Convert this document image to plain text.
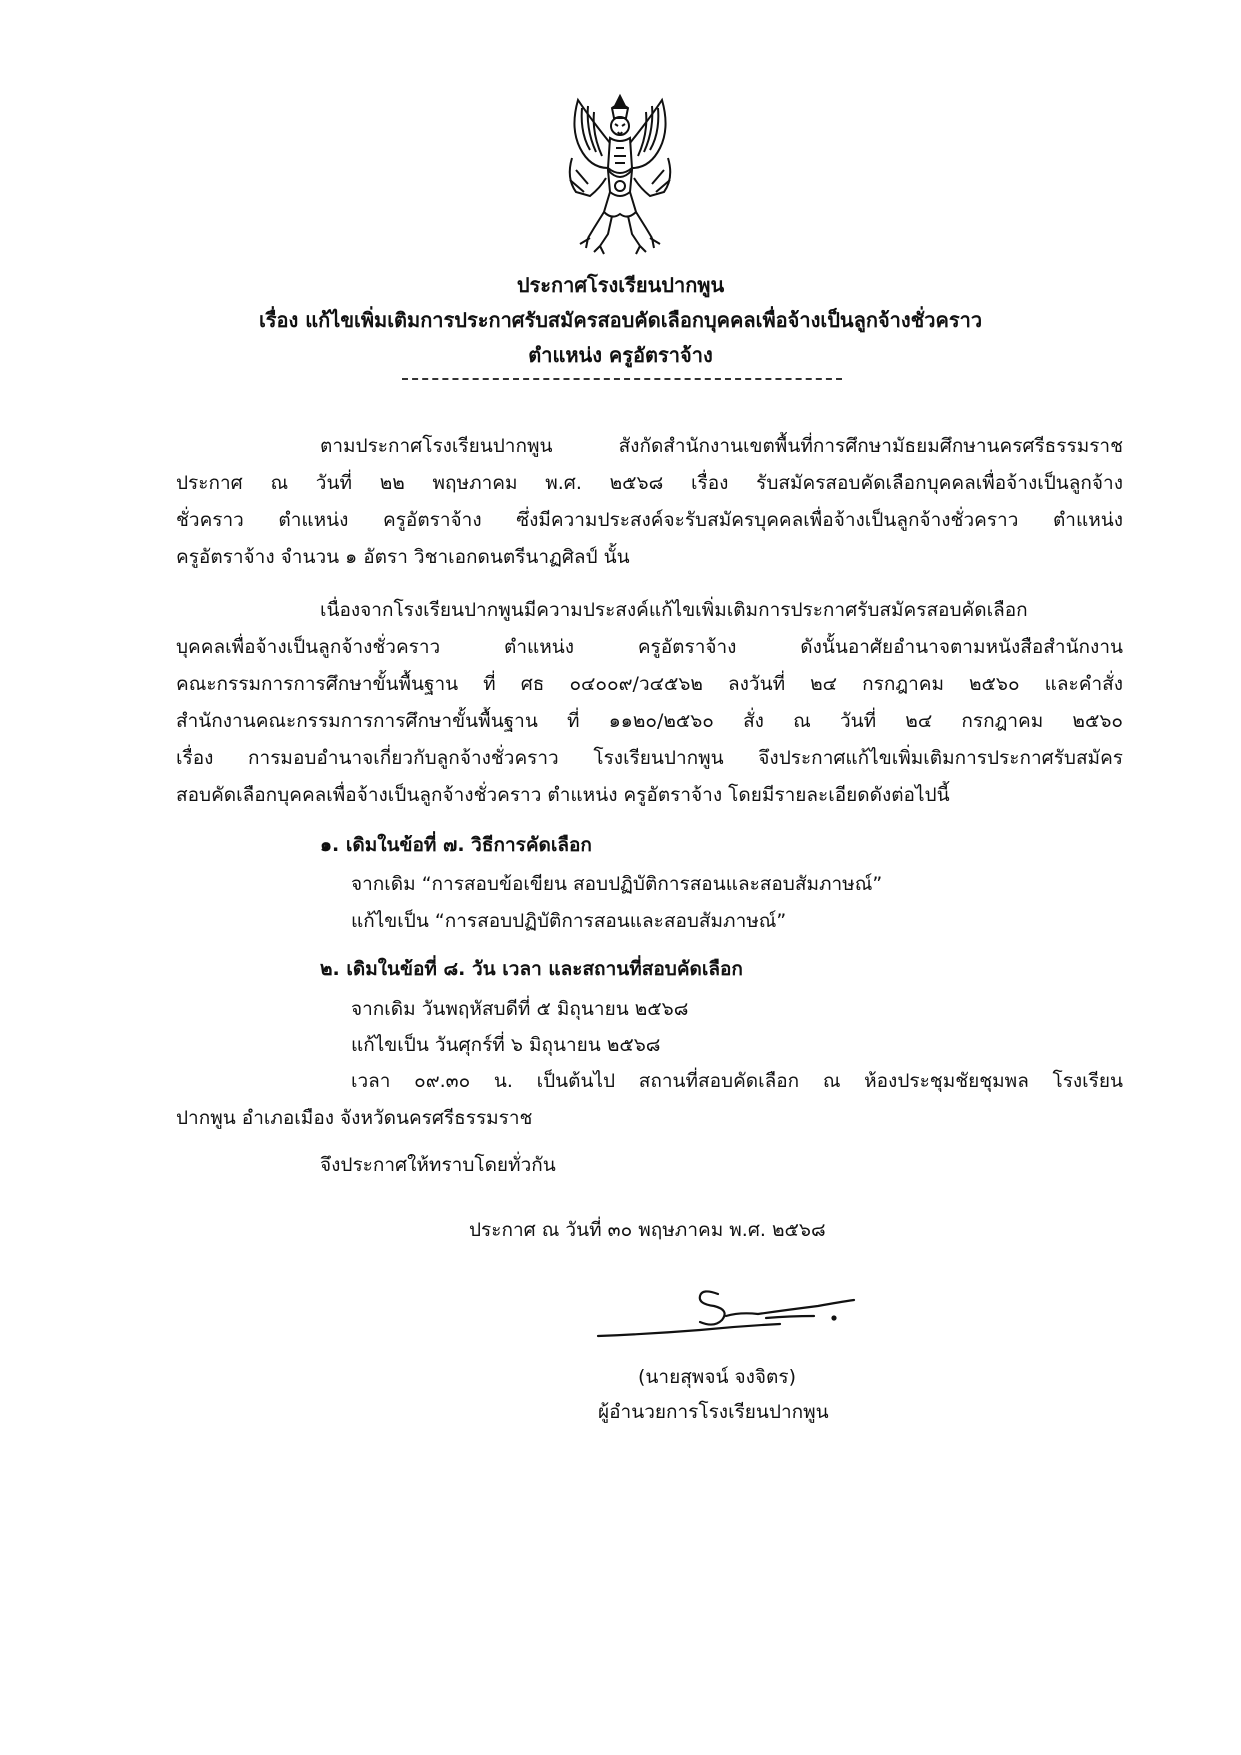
ประกาศโรงเรียนปากพูน
เรื่อง แก้ไขเพิ่มเติมการประกาศรับสมัครสอบคัดเลือกบุคคลเพื่อจ้างเป็นลูกจ้างชั่วคราว
ตำแหน่ง ครูอัตราจ้าง
ตามประกาศโรงเรียนปากพูน สังกัดสำนักงานเขตพื้นที่การศึกษามัธยมศึกษานครศรีธรรมราช
ประกาศ ณ วันที่ ๒๒ พฤษภาคม พ.ศ. ๒๕๖๘ เรื่อง รับสมัครสอบคัดเลือกบุคคลเพื่อจ้างเป็นลูกจ้าง
ชั่วคราว ตำแหน่ง ครูอัตราจ้าง ซึ่งมีความประสงค์จะรับสมัครบุคคลเพื่อจ้างเป็นลูกจ้างชั่วคราว ตำแหน่ง
ครูอัตราจ้าง จำนวน ๑ อัตรา วิชาเอกดนตรีนาฏศิลป์ นั้น
เนื่องจากโรงเรียนปากพูนมีความประสงค์แก้ไขเพิ่มเติมการประกาศรับสมัครสอบคัดเลือก
บุคคลเพื่อจ้างเป็นลูกจ้างชั่วคราว ตำแหน่ง ครูอัตราจ้าง ดังนั้นอาศัยอำนาจตามหนังสือสำนักงาน
คณะกรรมการการศึกษาขั้นพื้นฐาน ที่ ศธ ๐๔๐๐๙/ว๔๕๖๒ ลงวันที่ ๒๔ กรกฎาคม ๒๕๖๐ และคำสั่ง
สำนักงานคณะกรรมการการศึกษาขั้นพื้นฐาน ที่ ๑๑๒๐/๒๕๖๐ สั่ง ณ วันที่ ๒๔ กรกฎาคม ๒๕๖๐
เรื่อง การมอบอำนาจเกี่ยวกับลูกจ้างชั่วคราว โรงเรียนปากพูน จึงประกาศแก้ไขเพิ่มเติมการประกาศรับสมัคร
สอบคัดเลือกบุคคลเพื่อจ้างเป็นลูกจ้างชั่วคราว ตำแหน่ง ครูอัตราจ้าง โดยมีรายละเอียดดังต่อไปนี้
๑. เดิมในข้อที่ ๗. วิธีการคัดเลือก
จากเดิม “การสอบข้อเขียน สอบปฏิบัติการสอนและสอบสัมภาษณ์”
แก้ไขเป็น “การสอบปฏิบัติการสอนและสอบสัมภาษณ์”
๒. เดิมในข้อที่ ๘. วัน เวลา และสถานที่สอบคัดเลือก
จากเดิม วันพฤหัสบดีที่ ๕ มิถุนายน ๒๕๖๘
แก้ไขเป็น วันศุกร์ที่ ๖ มิถุนายน ๒๕๖๘
เวลา ๐๙.๓๐ น. เป็นต้นไป สถานที่สอบคัดเลือก ณ ห้องประชุมชัยชุมพล โรงเรียน
ปากพูน อำเภอเมือง จังหวัดนครศรีธรรมราช
จึงประกาศให้ทราบโดยทั่วกัน
ประกาศ ณ วันที่ ๓๐ พฤษภาคม พ.ศ. ๒๕๖๘
(นายสุพจน์ จงจิตร)
ผู้อำนวยการโรงเรียนปากพูน
